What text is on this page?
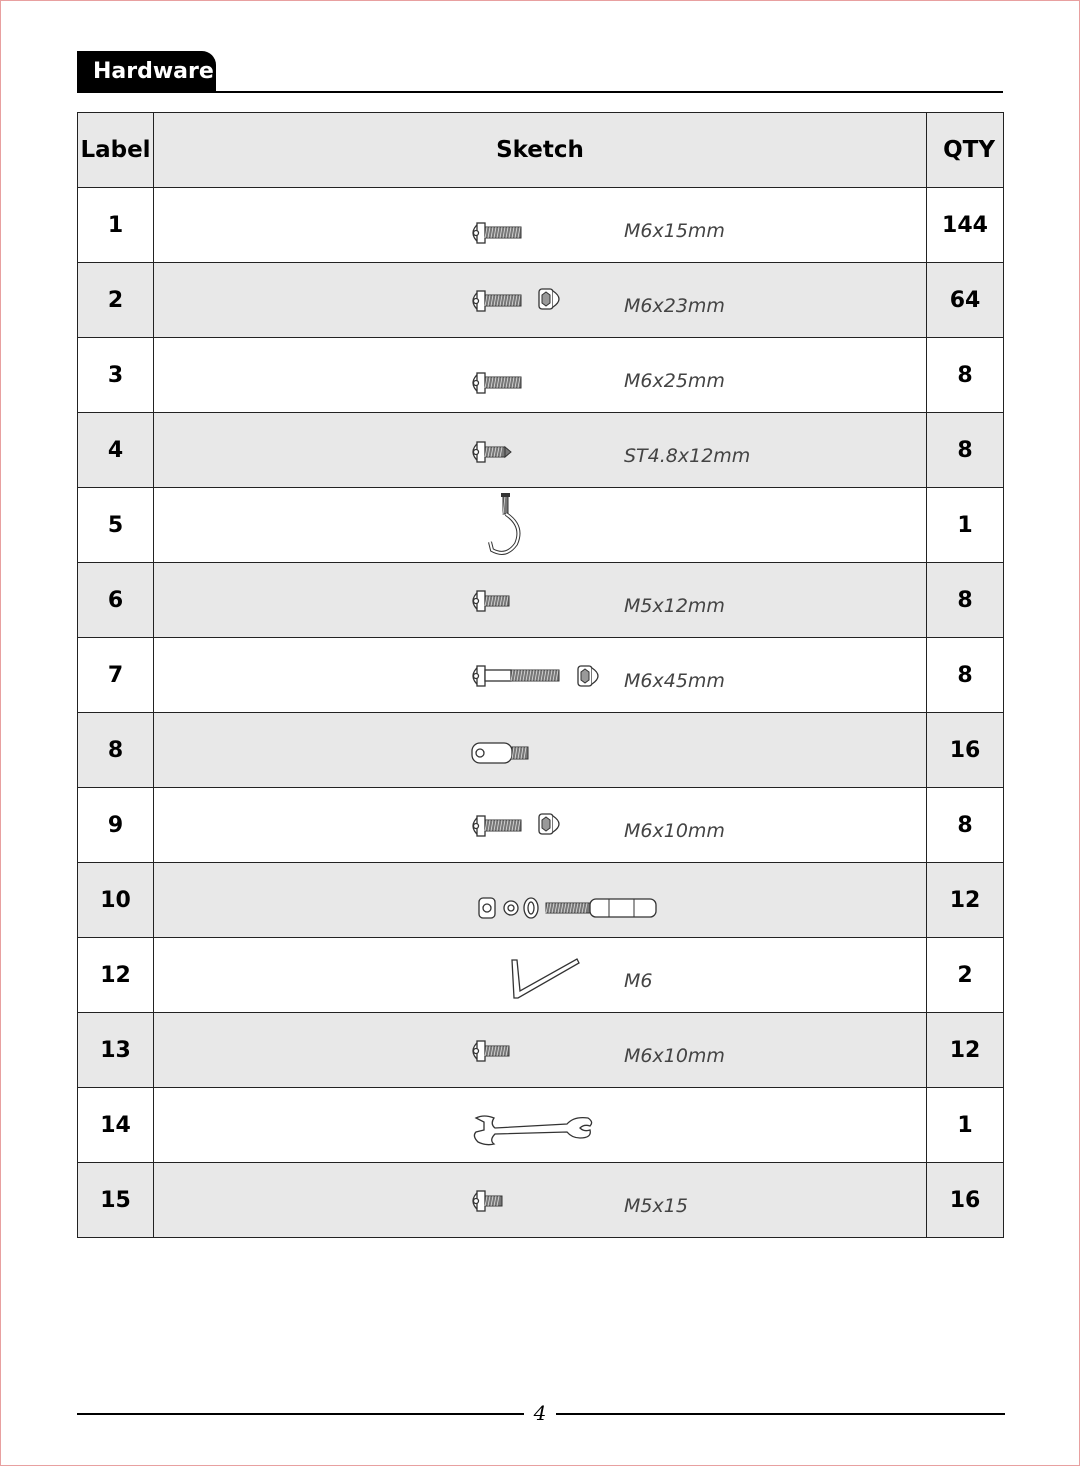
Hardware
Label	Sketch	QTY
1	M6x15mm	144
2	M6x23mm	64
3	M6x25mm	8
4	ST4.8x12mm	8
5		1
6	M5x12mm	8
7	M6x45mm	8
8		16
9	M6x10mm	8
10		12
12	M6	2
13	M6x10mm	12
14		1
15	M5x15	16
4
